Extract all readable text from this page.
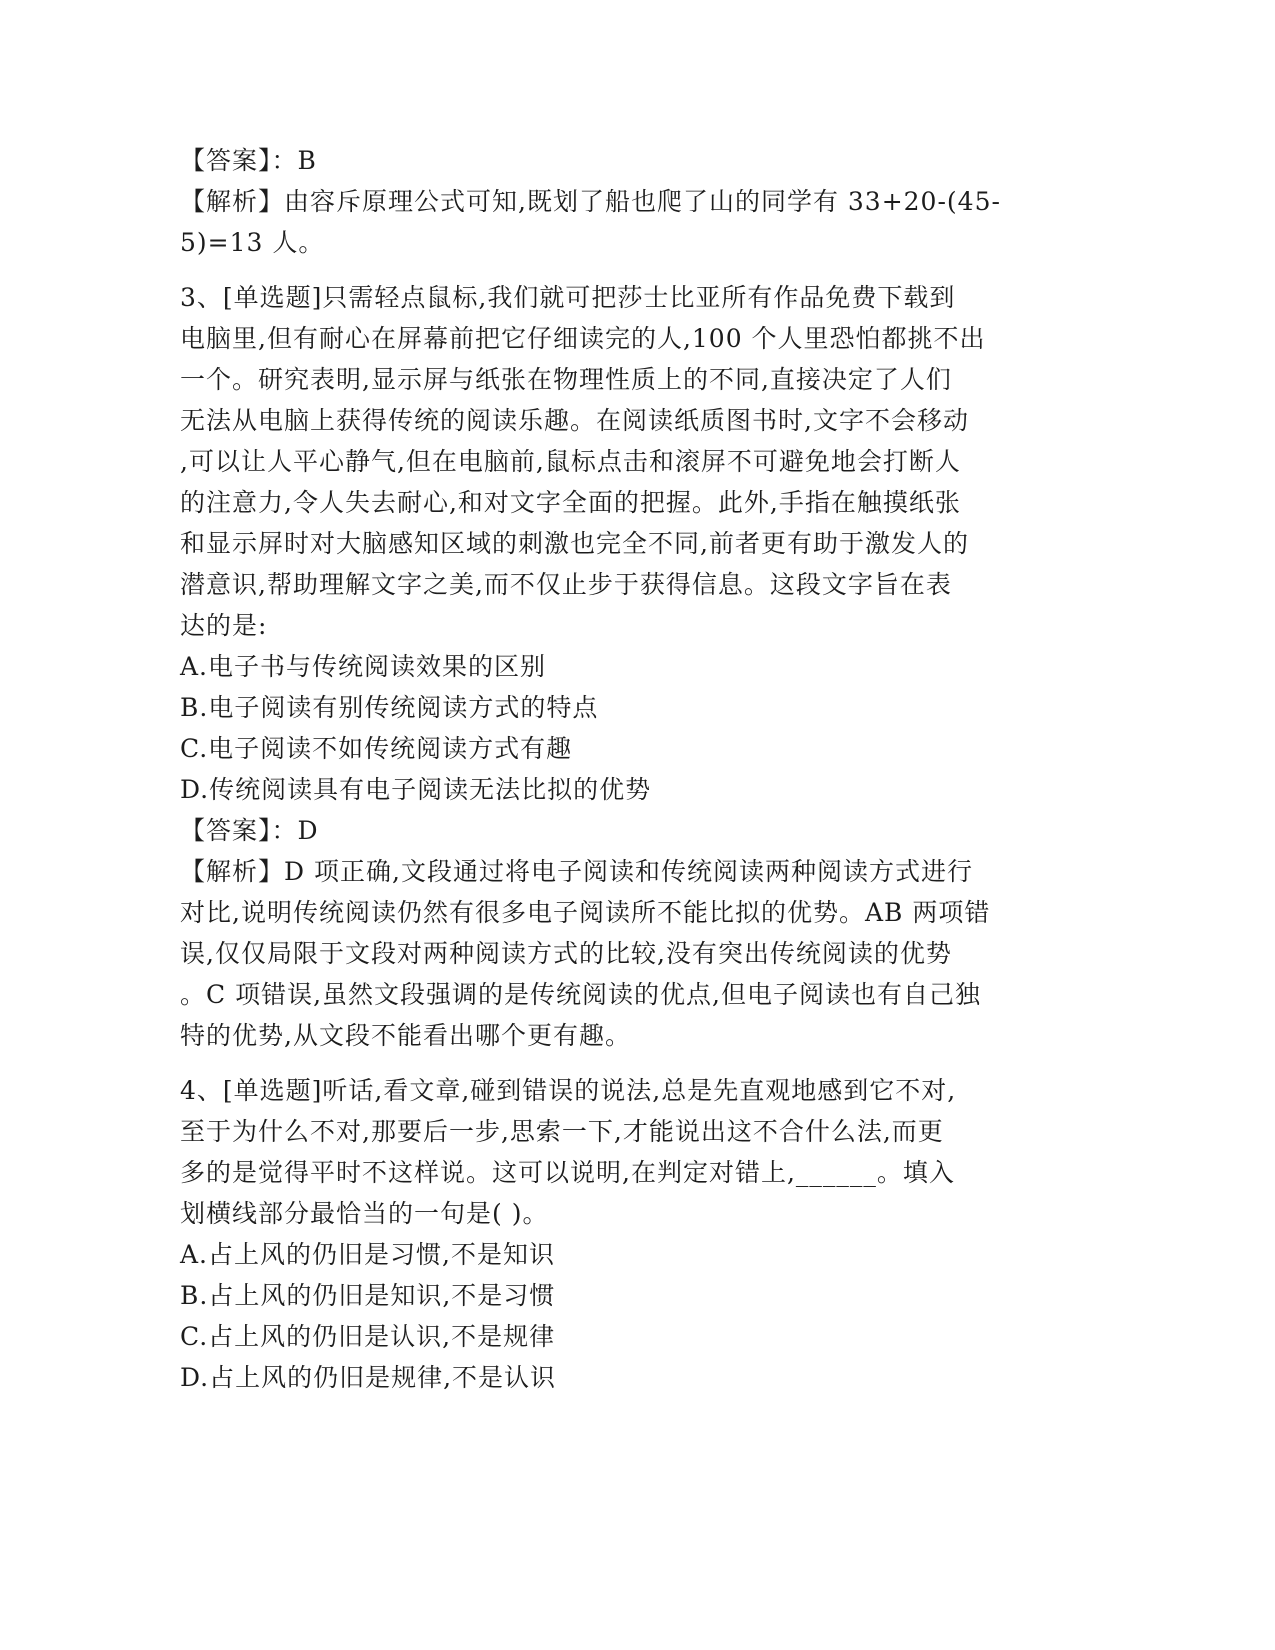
【答案】：B
【解析】由容斥原理公式可知,既划了船也爬了山的同学有 33+20-(45-
5)=13 人。
3、[单选题]只需轻点鼠标,我们就可把莎士比亚所有作品免费下载到
电脑里,但有耐心在屏幕前把它仔细读完的人,100 个人里恐怕都挑不出
一个。研究表明,显示屏与纸张在物理性质上的不同,直接决定了人们
无法从电脑上获得传统的阅读乐趣。在阅读纸质图书时,文字不会移动
,可以让人平心静气,但在电脑前,鼠标点击和滚屏不可避免地会打断人
的注意力,令人失去耐心,和对文字全面的把握。此外,手指在触摸纸张
和显示屏时对大脑感知区域的刺激也完全不同,前者更有助于激发人的
潜意识,帮助理解文字之美,而不仅止步于获得信息。这段文字旨在表
达的是:
A.电子书与传统阅读效果的区别
B.电子阅读有别传统阅读方式的特点
C.电子阅读不如传统阅读方式有趣
D.传统阅读具有电子阅读无法比拟的优势
【答案】：D
【解析】D 项正确,文段通过将电子阅读和传统阅读两种阅读方式进行
对比,说明传统阅读仍然有很多电子阅读所不能比拟的优势。AB 两项错
误,仅仅局限于文段对两种阅读方式的比较,没有突出传统阅读的优势
。C 项错误,虽然文段强调的是传统阅读的优点,但电子阅读也有自己独
特的优势,从文段不能看出哪个更有趣。
4、[单选题]听话,看文章,碰到错误的说法,总是先直观地感到它不对,
至于为什么不对,那要后一步,思索一下,才能说出这不合什么法,而更
多的是觉得平时不这样说。这可以说明,在判定对错上,______。填入
划横线部分最恰当的一句是( )。
A.占上风的仍旧是习惯,不是知识
B.占上风的仍旧是知识,不是习惯
C.占上风的仍旧是认识,不是规律
D.占上风的仍旧是规律,不是认识
